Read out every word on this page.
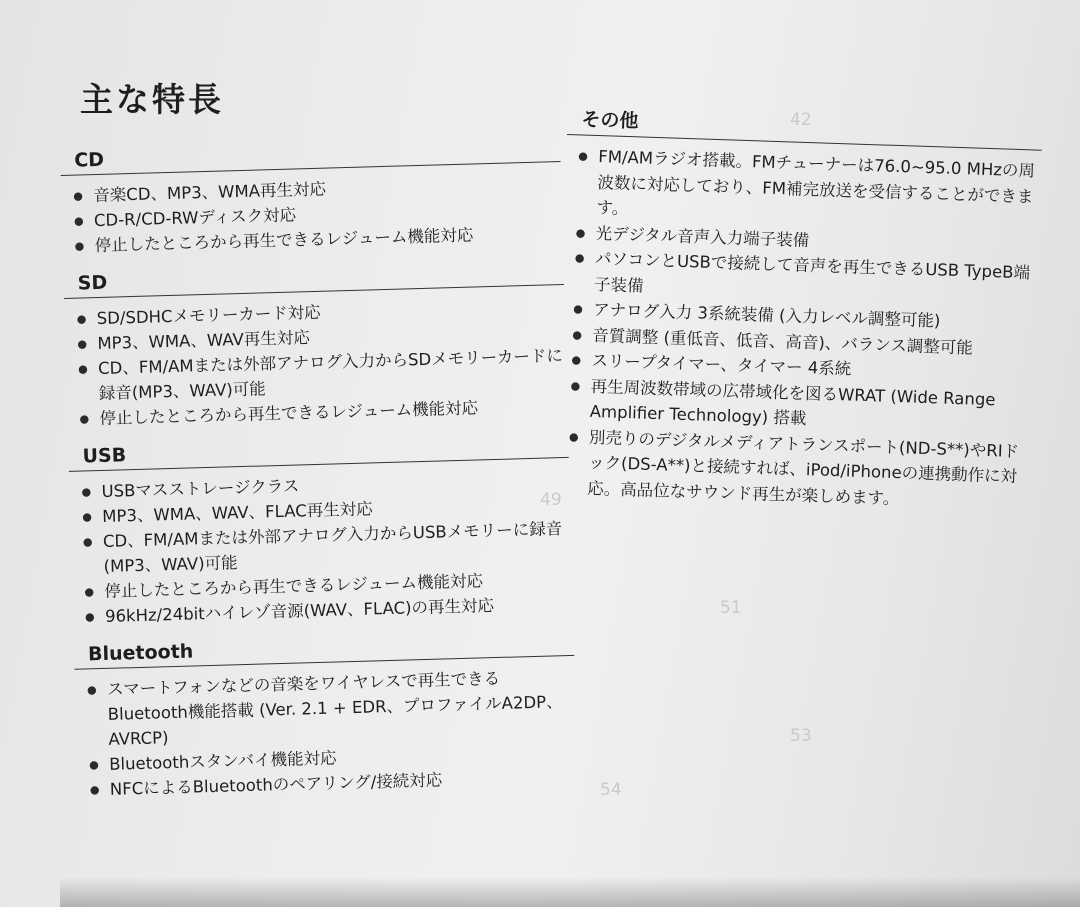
42
49
51
53
54
主な特長
CD
● 音楽CD、MP3、WMA再生対応
● CD-R/CD-RWディスク対応
● 停止したところから再生できるレジューム機能対応
SD
● SD/SDHCメモリーカード対応
● MP3、WMA、WAV再生対応
● CD、FM/AMまたは外部アナログ入力からSDメモリーカードに録音(MP3、WAV)可能
● 停止したところから再生できるレジューム機能対応
USB
● USBマスストレージクラス
● MP3、WMA、WAV、FLAC再生対応
● CD、FM/AMまたは外部アナログ入力からUSBメモリーに録音(MP3、WAV)可能
● 停止したところから再生できるレジューム機能対応
● 96kHz/24bitハイレゾ音源(WAV、FLAC)の再生対応
Bluetooth
● スマートフォンなどの音楽をワイヤレスで再生できるBluetooth機能搭載 (Ver. 2.1 + EDR、プロファイルA2DP、AVRCP)
● Bluetoothスタンバイ機能対応
● NFCによるBluetoothのペアリング/接続対応
その他
● FM/AMラジオ搭載。FMチューナーは76.0~95.0 MHzの周波数に対応しており、FM補完放送を受信することができます。
● 光デジタル音声入力端子装備
● パソコンとUSBで接続して音声を再生できるUSB TypeB端子装備
● アナログ入力 3系統装備 (入力レベル調整可能)
● 音質調整 (重低音、低音、高音)、バランス調整可能
● スリープタイマー、タイマー 4系統
● 再生周波数帯域の広帯域化を図るWRAT (Wide Range Amplifier Technology) 搭載
● 別売りのデジタルメディアトランスポート(ND-S**)やRIドック(DS-A**)と接続すれば、iPod/iPhoneの連携動作に対応。高品位なサウンド再生が楽しめます。
